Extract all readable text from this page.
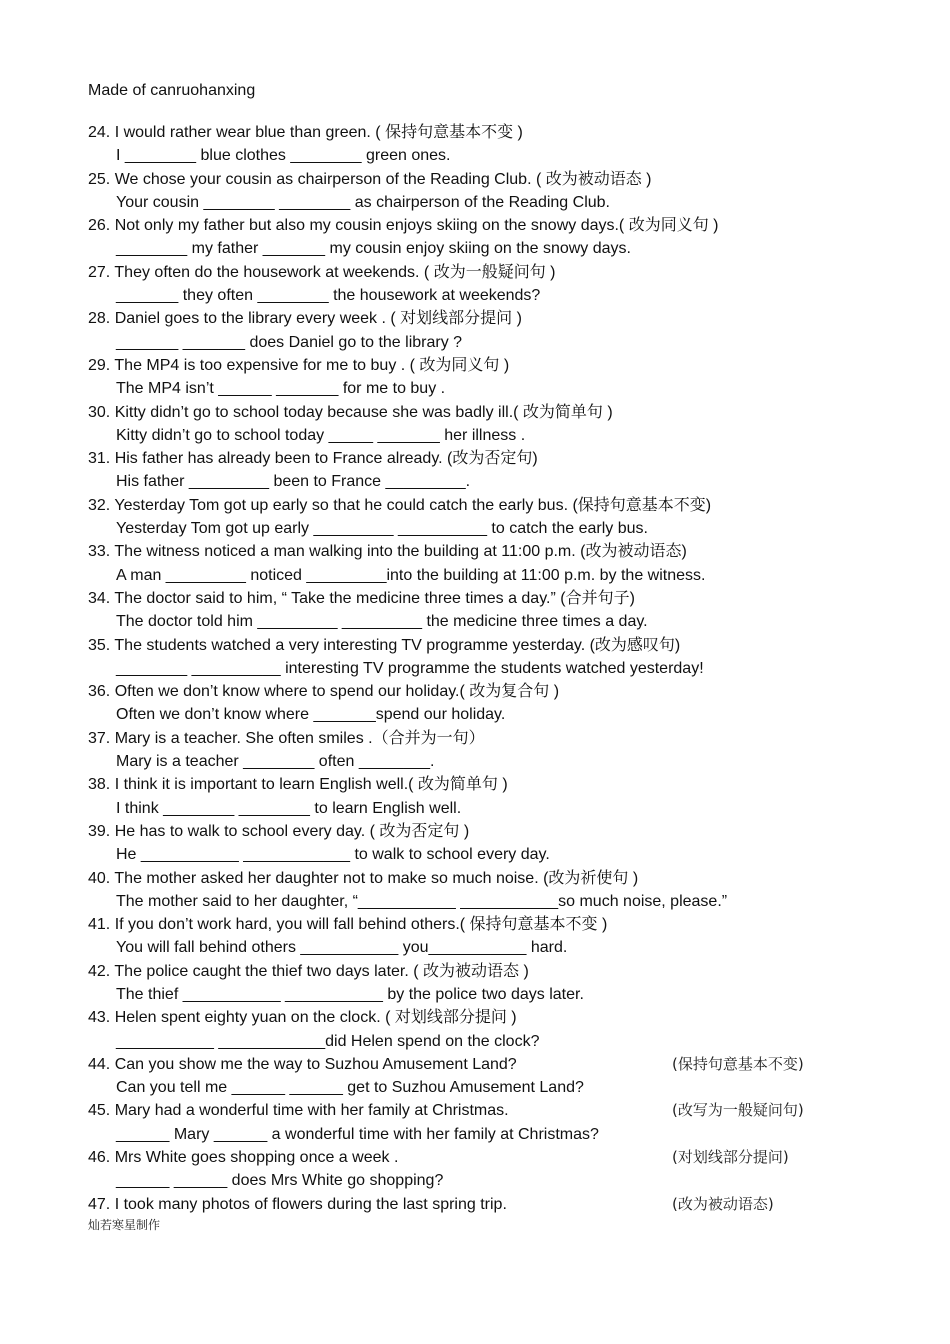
Made of canruohanxing
24. I would rather wear blue than green. ( 保持句意基本不变 )
I ________ blue clothes ________ green ones.
25. We chose your cousin as chairperson of the Reading Club. ( 改为被动语态 )
Your cousin ________ ________ as chairperson of the Reading Club.
26. Not only my father but also my cousin enjoys skiing on the snowy days.( 改为同义句 )
________ my father _______ my cousin enjoy skiing on the snowy days.
27. They often do the housework at weekends. ( 改为一般疑问句 )
_______ they often ________ the housework at weekends?
28. Daniel goes to the library every week . ( 对划线部分提问 )
_______ _______ does Daniel go to the library ?
29. The MP4 is too expensive for me to buy . ( 改为同义句 )
The MP4 isn’t ______ _______ for me to buy .
30. Kitty didn’t go to school today because she was badly ill.( 改为简单句 )
Kitty didn’t go to school today _____ _______ her illness .
31. His father has already been to France already. (改为否定句)
His father _________ been to France _________.
32. Yesterday Tom got up early so that he could catch the early bus. (保持句意基本不变)
Yesterday Tom got up early _________ __________ to catch the early bus.
33. The witness noticed a man walking into the building at 11:00 p.m. (改为被动语态)
A man _________ noticed _________into the building at 11:00 p.m. by the witness.
34. The doctor said to him, “ Take the medicine three times a day.” (合并句子)
The doctor told him _________ _________ the medicine three times a day.
35. The students watched a very interesting TV programme yesterday. (改为感叹句)
________ __________ interesting TV programme the students watched yesterday!
36. Often we don’t know where to spend our holiday.( 改为复合句 )
Often we don’t know where _______spend our holiday.
37. Mary is a teacher. She often smiles .（合并为一句）
Mary is a teacher ________ often ________.
38. I think it is important to learn English well.( 改为简单句 )
I think ________ ________ to learn English well.
39. He has to walk to school every day. ( 改为否定句 )
He ___________ ____________ to walk to school every day.
40. The mother asked her daughter not to make so much noise. (改为祈使句 )
The mother said to her daughter, “___________ ___________so much noise, please.”
41. If you don’t work hard, you will fall behind others.( 保持句意基本不变 )
You will fall behind others ___________ you___________ hard.
42. The police caught the thief two days later. ( 改为被动语态 )
The thief ___________ ___________ by the police two days later.
43. Helen spent eighty yuan on the clock. ( 对划线部分提问 )
___________ ____________did Helen spend on the clock?
44. Can you show me the way to Suzhou Amusement Land?	(保持句意基本不变)
Can you tell me ______ ______ get to Suzhou Amusement Land?
45. Mary had a wonderful time with her family at Christmas.	(改写为一般疑问句)
______ Mary ______ a wonderful time with her family at Christmas?
46. Mrs White goes shopping once a week .	(对划线部分提问)
______ ______ does Mrs White go shopping?
47. I took many photos of flowers during the last spring trip.	(改为被动语态)
灿若寒星制作
